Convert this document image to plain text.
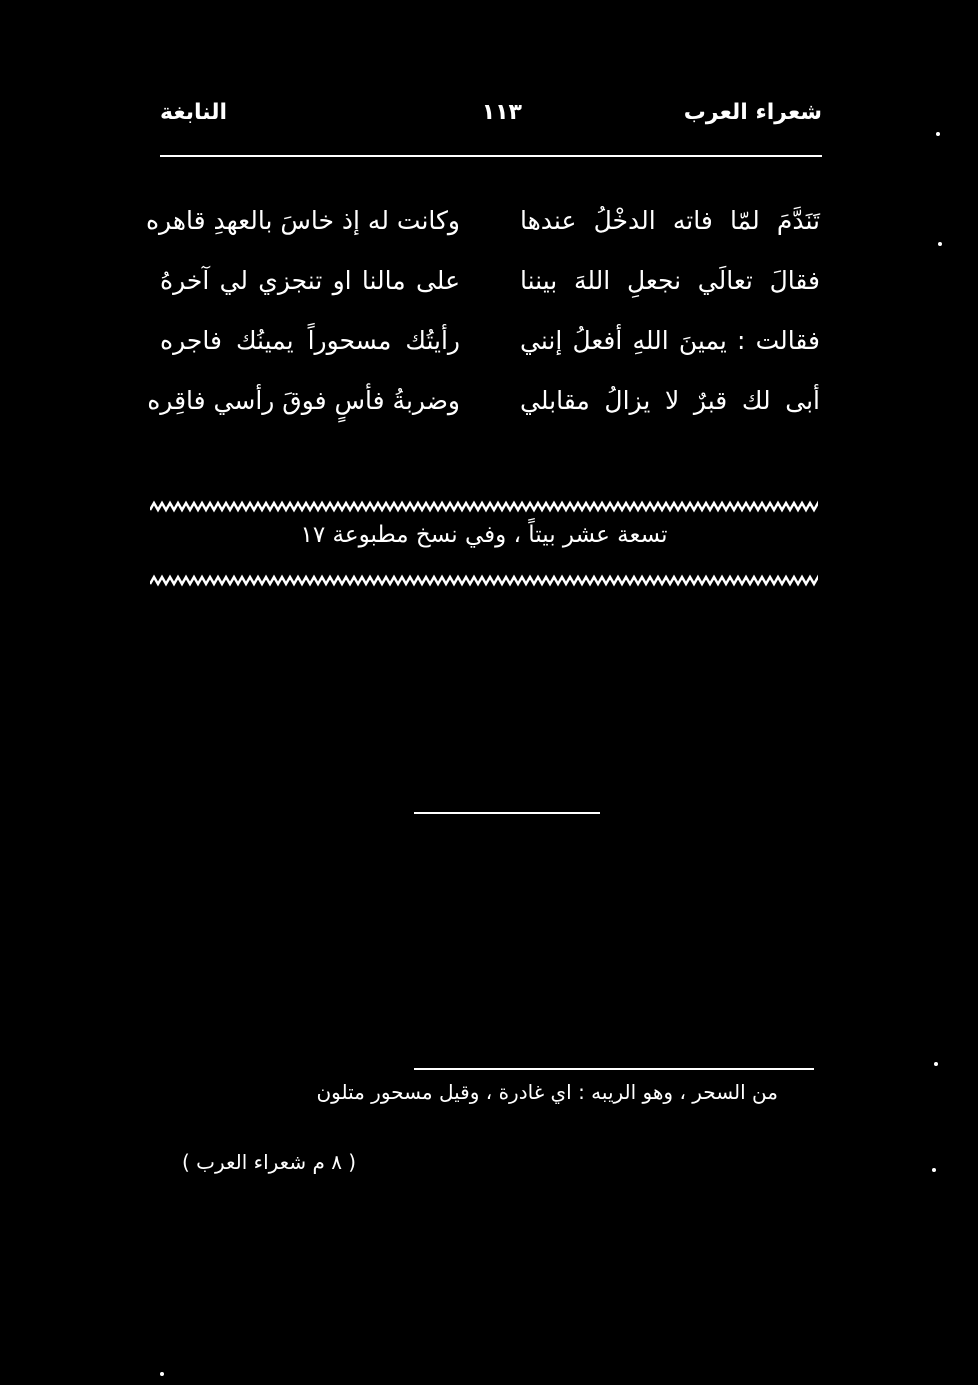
شعراء العرب
١١٣
النابغة
تَنَدَّمَ لمّا فاته الدخْلُ عندها
وكانت له إذ خاسَ بالعهدِ قاهره
فقالَ تعالَي نجعلِ اللهَ بيننا
على مالنا او تنجزي لي آخرهُ
فقالت : يمينَ اللهِ أفعلُ إنني
رأيتُك مسحوراً يمينُك فاجره
أبى لك قبرٌ لا يزالُ مقابلي
وضربةُ فأسٍ فوقَ رأسي فاقِره
تسعة عشر بيتاً ، وفي نسخ مطبوعة ١٧
من السحر ، وهو الريبه : اي غادرة ، وقيل مسحور متلون
( ٨ م شعراء العرب )
